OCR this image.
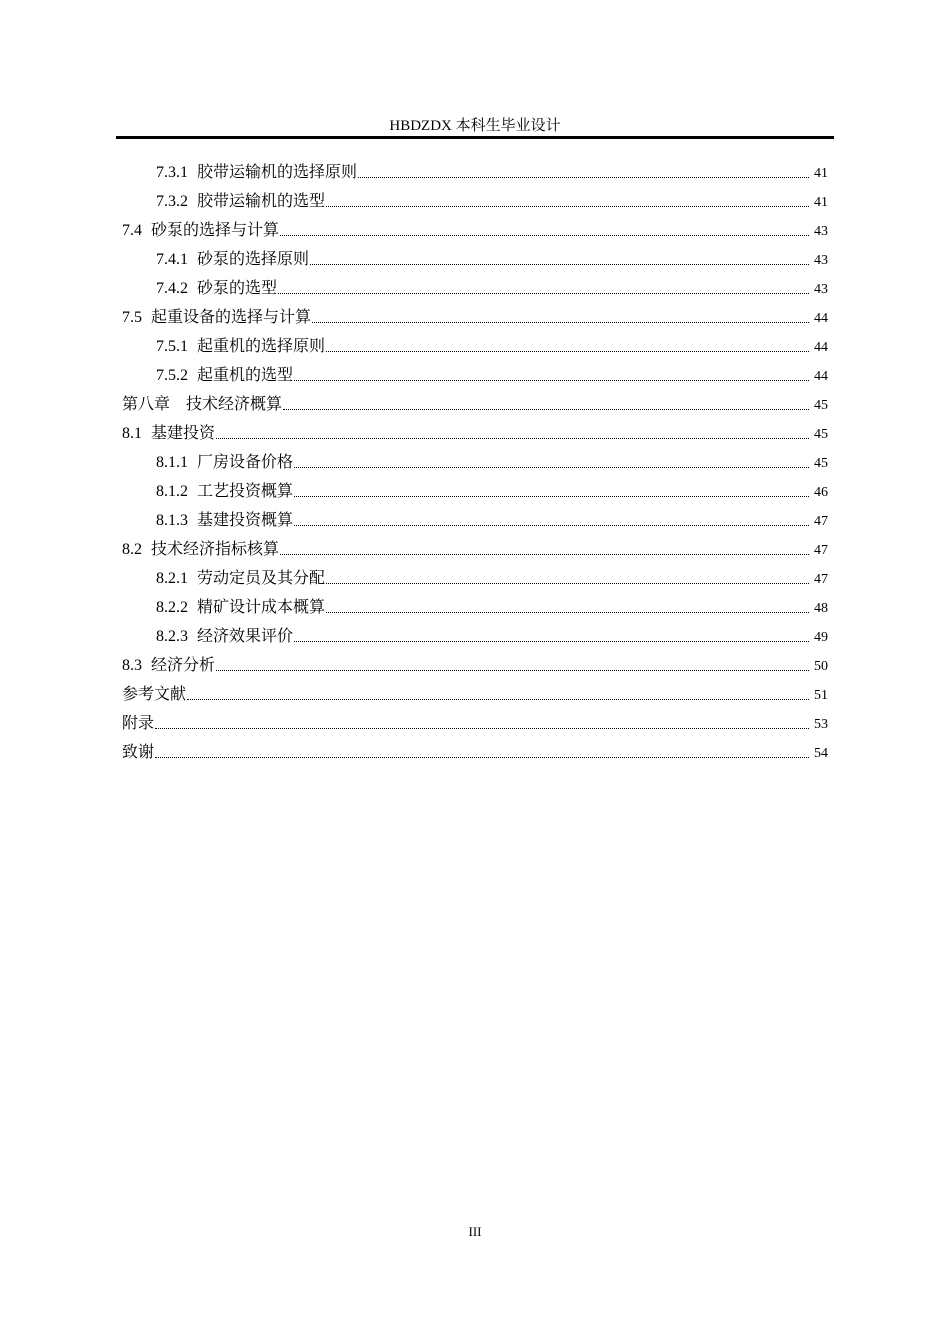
HBDZDX 本科生毕业设计
7.3.1 胶带运输机的选择原则	41
7.3.2 胶带运输机的选型	41
7.4 砂泵的选择与计算	43
7.4.1 砂泵的选择原则	43
7.4.2 砂泵的选型	43
7.5 起重设备的选择与计算	44
7.5.1 起重机的选择原则	44
7.5.2 起重机的选型	44
第八章 技术经济概算	45
8.1 基建投资	45
8.1.1 厂房设备价格	45
8.1.2 工艺投资概算	46
8.1.3 基建投资概算	47
8.2 技术经济指标核算	47
8.2.1 劳动定员及其分配	47
8.2.2 精矿设计成本概算	48
8.2.3 经济效果评价	49
8.3 经济分析	50
参考文献	51
附录	53
致谢	54
III
